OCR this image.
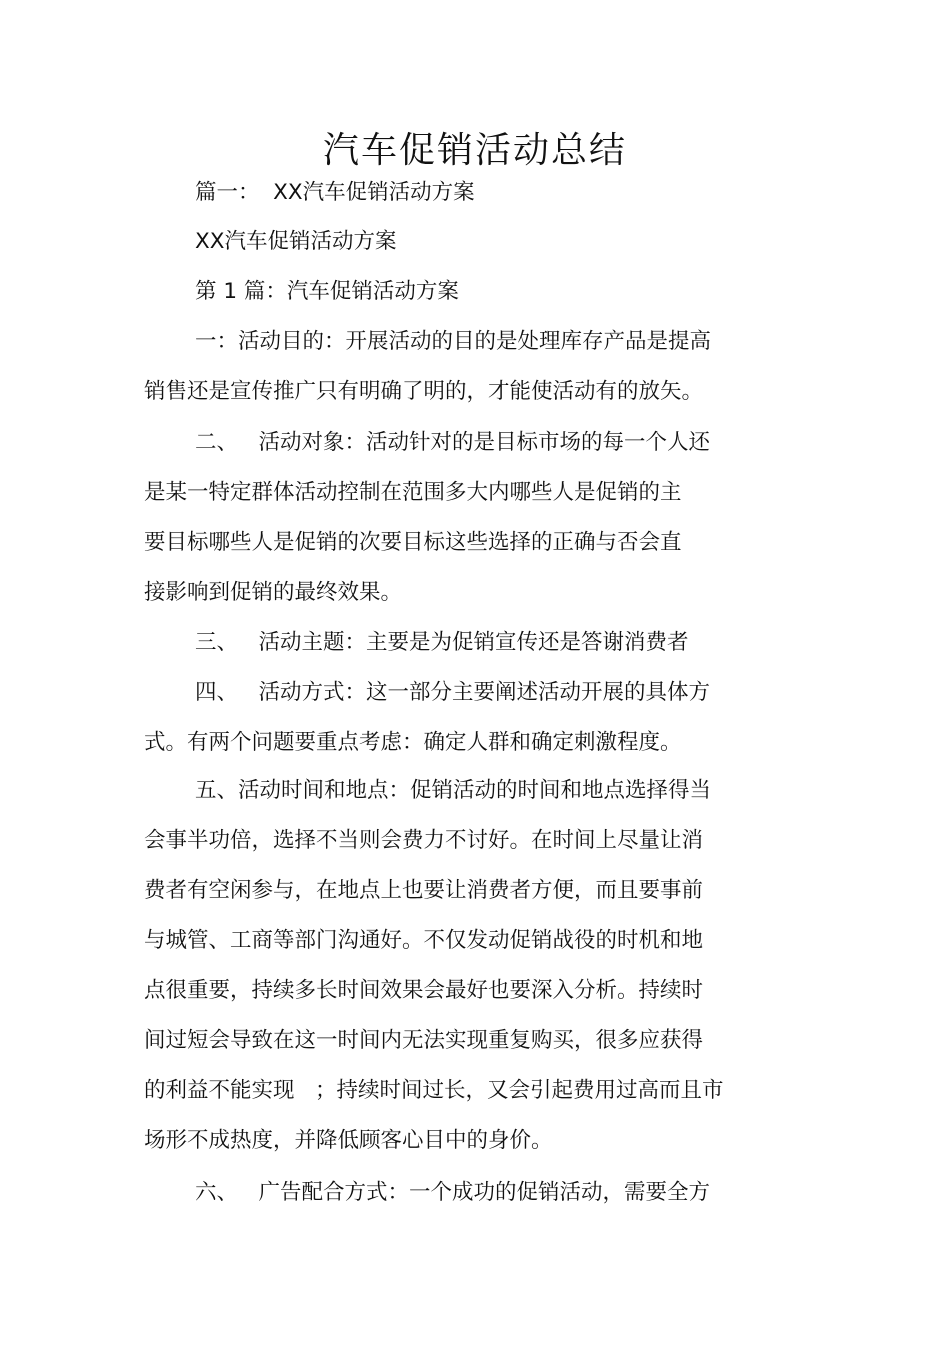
汽车促销活动总结
篇一：  XX汽车促销活动方案
XX汽车促销活动方案
第 1 篇：汽车促销活动方案
一：活动目的：开展活动的目的是处理库存产品是提高
销售还是宣传推广只有明确了明的，才能使活动有的放矢。
二、   活动对象：活动针对的是目标市场的每一个人还
是某一特定群体活动控制在范围多大内哪些人是促销的主
要目标哪些人是促销的次要目标这些选择的正确与否会直
接影响到促销的最终效果。
三、   活动主题：主要是为促销宣传还是答谢消费者
四、   活动方式：这一部分主要阐述活动开展的具体方
式。有两个问题要重点考虑：确定人群和确定刺激程度。
五、活动时间和地点：促销活动的时间和地点选择得当
会事半功倍，选择不当则会费力不讨好。在时间上尽量让消
费者有空闲参与，在地点上也要让消费者方便，而且要事前
与城管、工商等部门沟通好。不仅发动促销战役的时机和地
点很重要，持续多长时间效果会最好也要深入分析。持续时
间过短会导致在这一时间内无法实现重复购买，很多应获得
的利益不能实现   ；持续时间过长，又会引起费用过高而且市
场形不成热度，并降低顾客心目中的身价。
六、   广告配合方式：一个成功的促销活动，需要全方
